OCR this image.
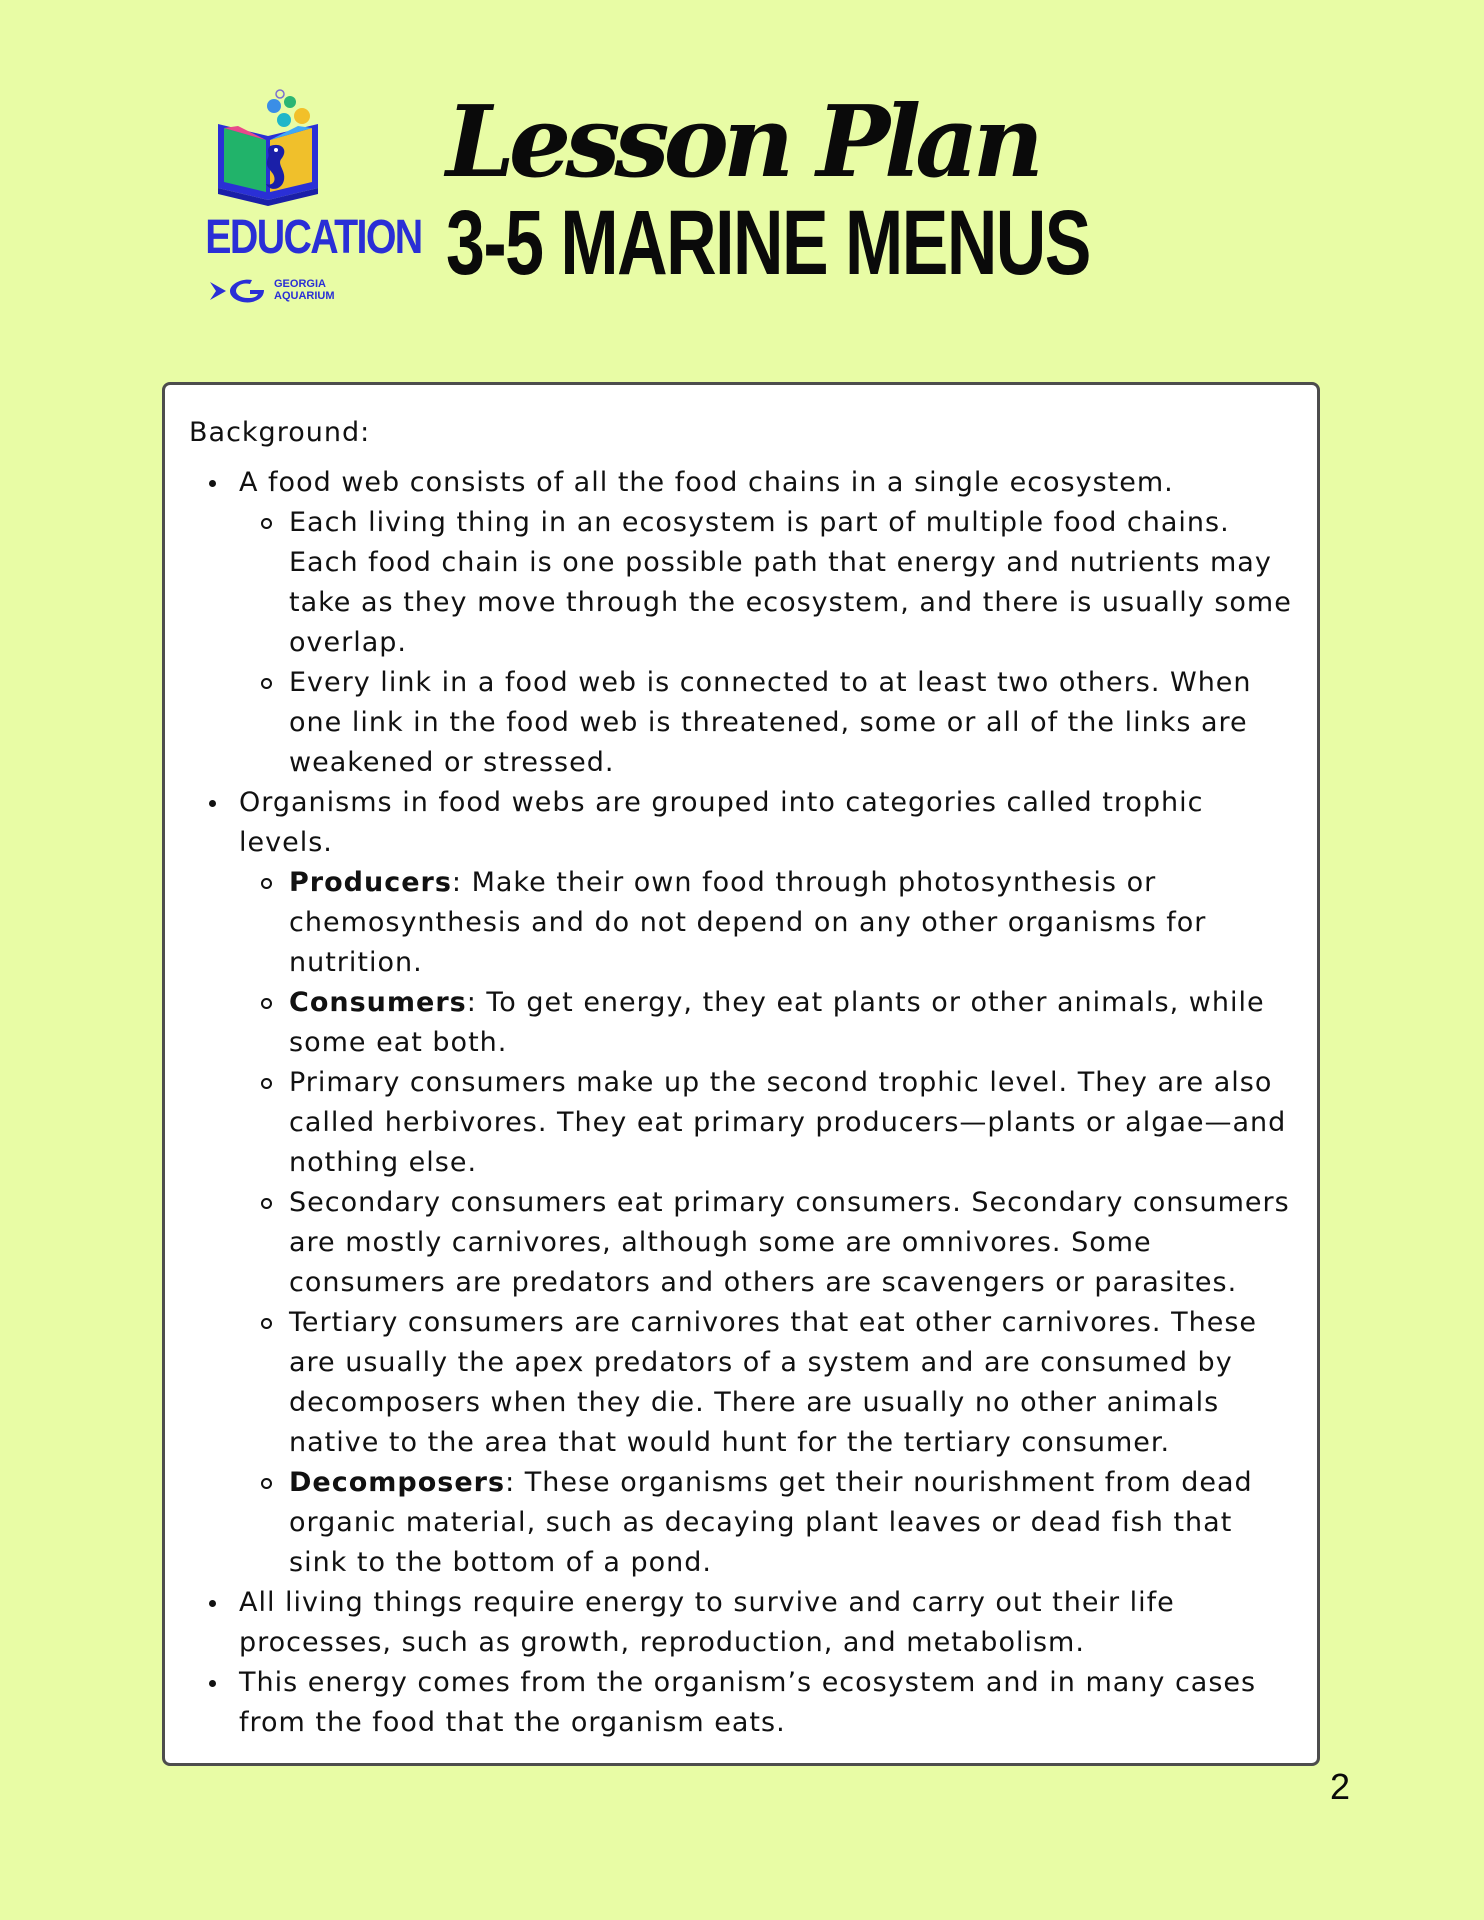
EDUCATION
GEORGIA
AQUARIUM
Lesson Plan
3-5 MARINE MENUS
Background:
A food web consists of all the food chains in a single ecosystem.
Each living thing in an ecosystem is part of multiple food chains. Each food chain is one possible path that energy and nutrients may take as they move through the ecosystem, and there is usually some overlap.
Every link in a food web is connected to at least two others. When one link in the food web is threatened, some or all of the links are weakened or stressed.
Organisms in food webs are grouped into categories called trophic levels.
Producers: Make their own food through photosynthesis or chemosynthesis and do not depend on any other organisms for nutrition.
Consumers: To get energy, they eat plants or other animals, while some eat both.
Primary consumers make up the second trophic level. They are also called herbivores. They eat primary producers—plants or algae—and nothing else.
Secondary consumers eat primary consumers. Secondary consumers are mostly carnivores, although some are omnivores. Some consumers are predators and others are scavengers or parasites.
Tertiary consumers are carnivores that eat other carnivores. These are usually the apex predators of a system and are consumed by decomposers when they die. There are usually no other animals native to the area that would hunt for the tertiary consumer.
Decomposers: These organisms get their nourishment from dead organic material, such as decaying plant leaves or dead fish that sink to the bottom of a pond.
All living things require energy to survive and carry out their life processes, such as growth, reproduction, and metabolism.
This energy comes from the organism’s ecosystem and in many cases from the food that the organism eats.
2
